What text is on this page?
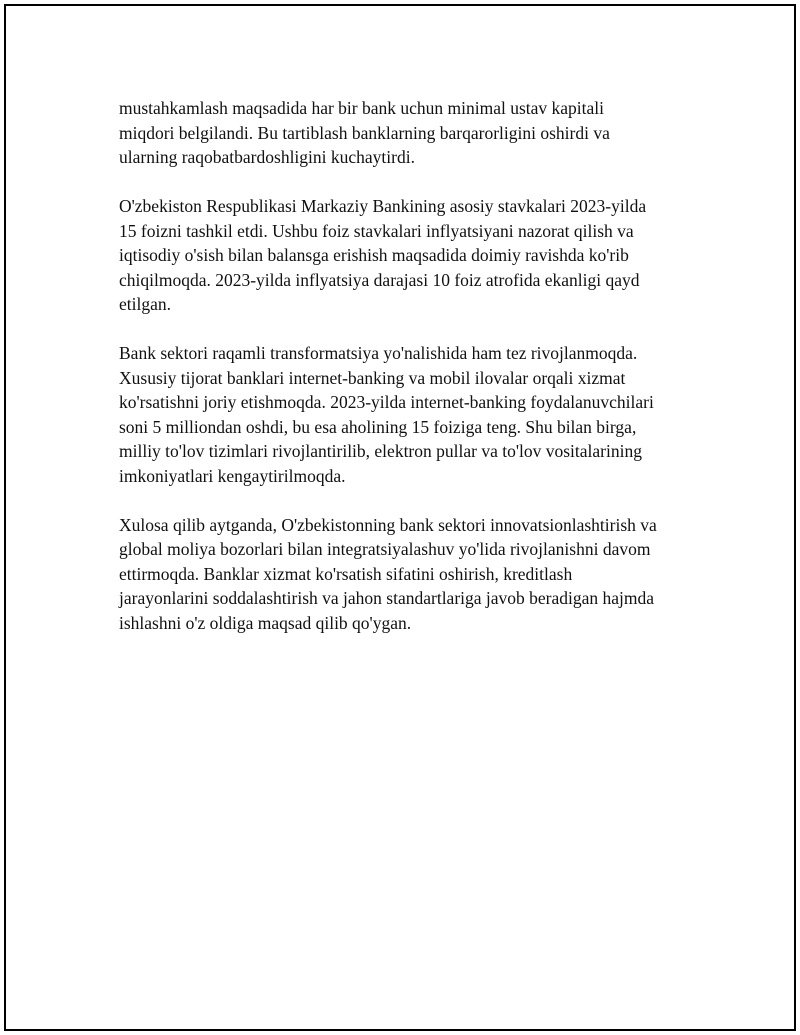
mustahkamlash maqsadida har bir bank uchun minimal ustav kapitali
miqdori belgilandi. Bu tartiblash banklarning barqarorligini oshirdi va
ularning raqobatbardoshligini kuchaytirdi.

O'zbekiston Respublikasi Markaziy Bankining asosiy stavkalari 2023-yilda
15 foizni tashkil etdi. Ushbu foiz stavkalari inflyatsiyani nazorat qilish va
iqtisodiy o'sish bilan balansga erishish maqsadida doimiy ravishda ko'rib
chiqilmoqda. 2023-yilda inflyatsiya darajasi 10 foiz atrofida ekanligi qayd
etilgan.

Bank sektori raqamli transformatsiya yo'nalishida ham tez rivojlanmoqda.
Xususiy tijorat banklari internet-banking va mobil ilovalar orqali xizmat
ko'rsatishni joriy etishmoqda. 2023-yilda internet-banking foydalanuvchilari
soni 5 milliondan oshdi, bu esa aholining 15 foiziga teng. Shu bilan birga,
milliy to'lov tizimlari rivojlantirilib, elektron pullar va to'lov vositalarining
imkoniyatlari kengaytirilmoqda.

Xulosa qilib aytganda, O'zbekistonning bank sektori innovatsionlashtirish va
global moliya bozorlari bilan integratsiyalashuv yo'lida rivojlanishni davom
ettirmoqda. Banklar xizmat ko'rsatish sifatini oshirish, kreditlash
jarayonlarini soddalashtirish va jahon standartlariga javob beradigan hajmda
ishlashni o'z oldiga maqsad qilib qo'ygan.
